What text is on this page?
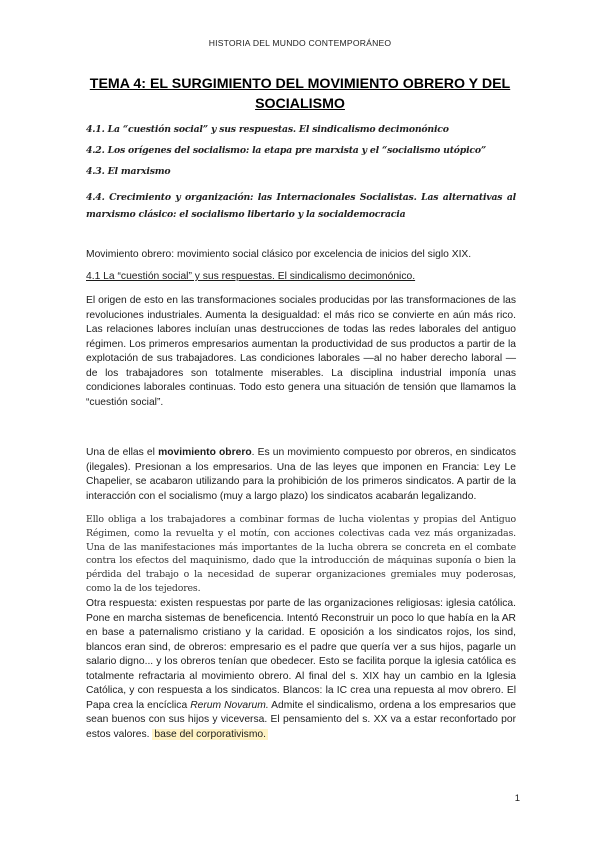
HISTORIA DEL MUNDO CONTEMPORÁNEO
TEMA 4: EL SURGIMIENTO DEL MOVIMIENTO OBRERO Y DEL
SOCIALISMO
4.1. La “cuestión social” y sus respuestas. El sindicalismo decimonónico
4.2. Los orígenes del socialismo: la etapa pre marxista y el “socialismo utópico”
4.3. El marxismo
4.4. Crecimiento y organización: las Internacionales Socialistas. Las alternativas al marxismo clásico: el socialismo libertario y la socialdemocracia
Movimiento obrero: movimiento social clásico por excelencia de inicios del siglo XIX.
4.1 La “cuestión social” y sus respuestas. El sindicalismo decimonónico.
El origen de esto en las transformaciones sociales producidas por las transformaciones de las revoluciones industriales. Aumenta la desigualdad: el más rico se convierte en aún más rico. Las relaciones labores incluían unas destrucciones de todas las redes laborales del antiguo régimen. Los primeros empresarios aumentan la productividad de sus productos a partir de la explotación de sus trabajadores. Las condiciones laborales —al no haber derecho laboral — de los trabajadores son totalmente miserables. La disciplina industrial imponía unas condiciones laborales continuas. Todo esto genera una situación de tensión que llamamos la “cuestión social”.
Una de ellas el movimiento obrero. Es un movimiento compuesto por obreros, en sindicatos (ilegales). Presionan a los empresarios. Una de las leyes que imponen en Francia: Ley Le Chapelier, se acabaron utilizando para la prohibición de los primeros sindicatos. A partir de la interacción con el socialismo (muy a largo plazo) los sindicatos acabarán legalizando.
Ello obliga a los trabajadores a combinar formas de lucha violentas y propias del Antiguo Régimen, como la revuelta y el motín, con acciones colectivas cada vez más organizadas. Una de las manifestaciones más importantes de la lucha obrera se concreta en el combate contra los efectos del maquinismo, dado que la introducción de máquinas suponía o bien la pérdida del trabajo o la necesidad de superar organizaciones gremiales muy poderosas, como la de los tejedores.
Otra respuesta: existen respuestas por parte de las organizaciones religiosas: iglesia católica. Pone en marcha sistemas de beneficencia. Intentó Reconstruir un poco lo que había en la AR en base a paternalismo cristiano y la caridad. E oposición a los sindicatos rojos, los sind, blancos eran sind, de obreros: empresario es el padre que quería ver a sus hijos, pagarle un salario digno... y los obreros tenían que obedecer. Esto se facilita porque la iglesia católica es totalmente refractaria al movimiento obrero. Al final del s. XIX hay un cambio en la Iglesia Católica, y con respuesta a los sindicatos. Blancos: la IC crea una repuesta al mov obrero. El Papa crea la encíclica Rerum Novarum. Admite el sindicalismo, ordena a los empresarios que sean buenos con sus hijos y viceversa. El pensamiento del s. XX va a estar reconfortado por estos valores. base del corporativismo.
1
